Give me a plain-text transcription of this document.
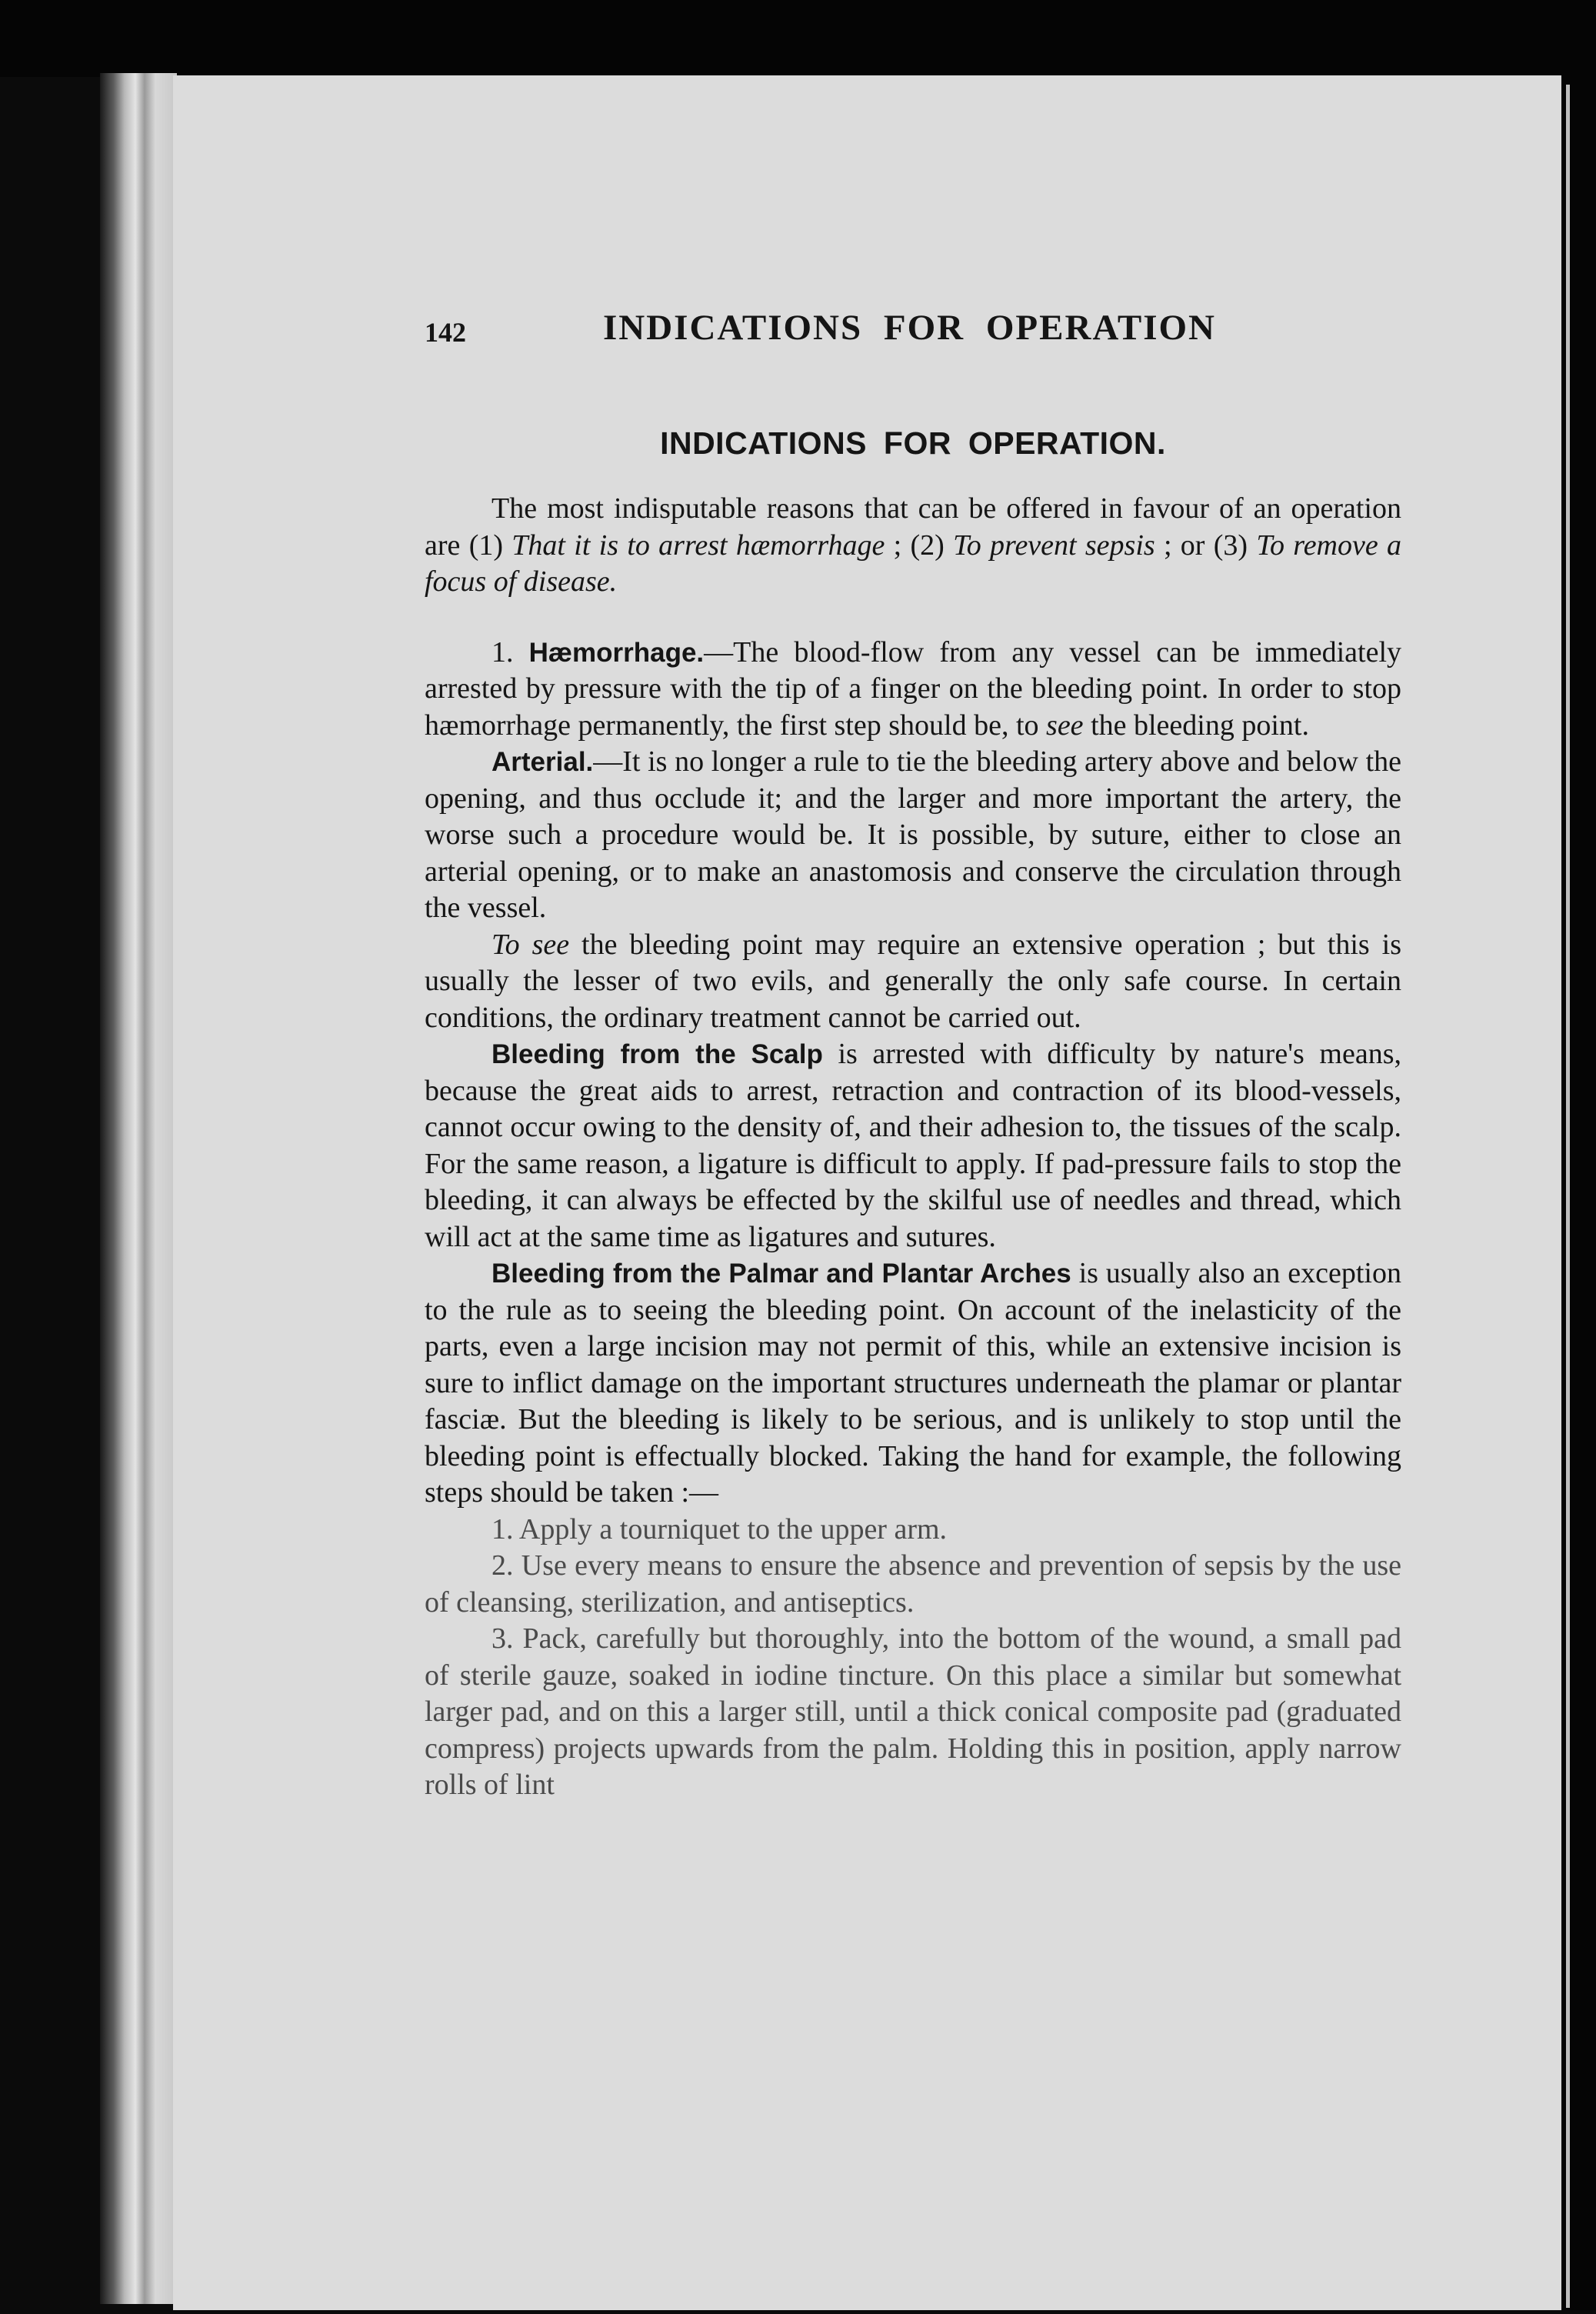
142	INDICATIONS FOR OPERATION
INDICATIONS FOR OPERATION.

The most indisputable reasons that can be offered in favour of an operation are (1) That it is to arrest hæmorrhage ; (2) To prevent sepsis ; or (3) To remove a focus of disease.

1. Hæmorrhage.—The blood-flow from any vessel can be immediately arrested by pressure with the tip of a finger on the bleeding point. In order to stop hæmorrhage permanently, the first step should be, to see the bleeding point.

Arterial.—It is no longer a rule to tie the bleeding artery above and below the opening, and thus occlude it; and the larger and more important the artery, the worse such a procedure would be. It is possible, by suture, either to close an arterial opening, or to make an anastomosis and conserve the circulation through the vessel.

To see the bleeding point may require an extensive operation ; but this is usually the lesser of two evils, and generally the only safe course. In certain conditions, the ordinary treatment cannot be carried out.

Bleeding from the Scalp is arrested with difficulty by nature's means, because the great aids to arrest, retraction and contraction of its blood-vessels, cannot occur owing to the density of, and their adhesion to, the tissues of the scalp. For the same reason, a ligature is difficult to apply. If pad-pressure fails to stop the bleeding, it can always be effected by the skilful use of needles and thread, which will act at the same time as ligatures and sutures.

Bleeding from the Palmar and Plantar Arches is usually also an exception to the rule as to seeing the bleeding point. On account of the inelasticity of the parts, even a large incision may not permit of this, while an extensive incision is sure to inflict damage on the important structures underneath the plamar or plantar fasciæ. But the bleeding is likely to be serious, and is unlikely to stop until the bleeding point is effectually blocked. Taking the hand for example, the following steps should be taken :—

1. Apply a tourniquet to the upper arm.

2. Use every means to ensure the absence and prevention of sepsis by the use of cleansing, sterilization, and antiseptics.

3. Pack, carefully but thoroughly, into the bottom of the wound, a small pad of sterile gauze, soaked in iodine tincture. On this place a similar but somewhat larger pad, and on this a larger still, until a thick conical composite pad (graduated compress) projects upwards from the palm. Holding this in position, apply narrow rolls of lint
